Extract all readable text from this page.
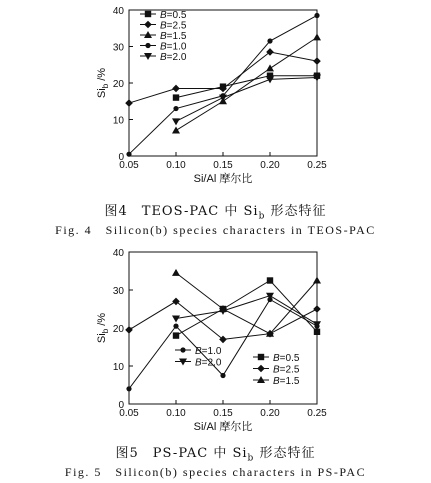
0.05	0.10	0.15	0.20	0.25
0
10
20
30
40
Si/Al 摩尔比
$Si_b$ /%
B=0.5
B=2.5
B=1.5
B=1.0
B=2.0
图4　TEOS-PAC 中 $Si_b$ 形态特征
Fig. 4　Silicon(b) species characters in TEOS-PAC
0.05	0.10	0.15	0.20	0.25
0
10
20
30
40
Si/Al 摩尔比
$Si_b$ /%
B=1.0
B=2.0	B=0.5
B=2.5
B=1.5
图5　PS-PAC 中 $Si_b$ 形态特征
Fig. 5　Silicon(b) species characters in PS-PAC
